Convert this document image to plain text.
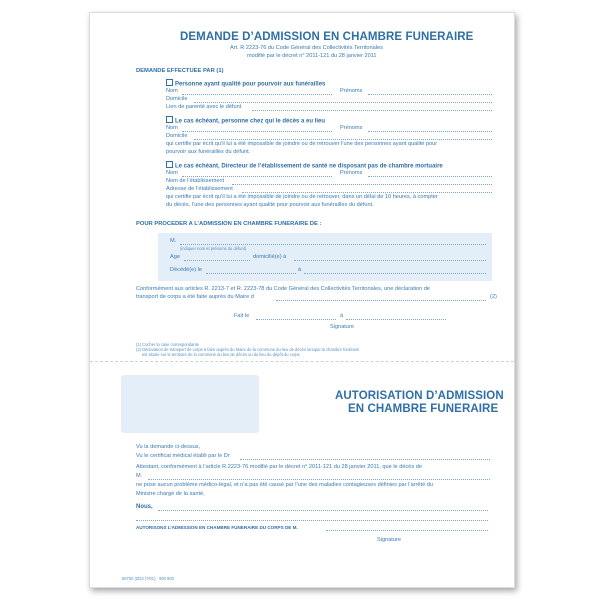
DEMANDE D’ADMISSION EN CHAMBRE FUNERAIRE
Art. R 2223-76 du Code Général des Collectivités Territoriales
modifié par le décret n° 2011-121 du 28 janvier 2011
DEMANDE EFFECTUEE PAR (1)
Personne ayant qualité pour pourvoir aux funérailles
Nom	Prénoms
Domicile
Lien de parenté avec le défunt
Le cas échéant, personne chez qui le décès a eu lieu
Nom	Prénoms
Domicile
qui certifie par écrit qu’il lui a été impossible de joindre ou de retrouver l’une des personnes ayant qualité pour
pourvoir aux funérailles du défunt.
Le cas échéant, Directeur de l’établissement de santé ne disposant pas de chambre mortuaire
Nom	Prénoms
Nom de l’établissement
Adresse de l’établissement
qui certifie par écrit qu’il lui a été impossible de joindre ou de retrouver, dans un délai de 10 heures, à compter
du décès, l’une des personnes ayant qualité pour pourvoir aux funérailles du défunt.
POUR PROCEDER A L’ADMISSION EN CHAMBRE FUNERAIRE DE :
M.
(indiquer nom et prénoms du défunt)
Age	domicilié(e) à
Décédé(e) le	à
Conformément aux articles R. 2213-7 et R. 2223-78 du Code Général des Collectivités Territoriales, une déclaration de
transport de corps a été faite auprès du Maire d	(2)
Fait le	à
Signature
(1) Cocher la case correspondante
(2) Déclaration de transport de corps à faire auprès du Maire de la commune du lieu de décès lorsque la chambre funéraire
est située sur le territoire de la commune du lieu de décès ou du lieu du dépôt du corps
AUTORISATION D’ADMISSION
EN CHAMBRE FUNERAIRE
Vu la demande ci-dessus,
Vu le certificat médical établi par le Dr
Attestant, conformément à l’article R.2223-76 modifié par le décret n° 2011-121 du 28 janvier 2011, que le décès de
M.
ne pose aucun problème médico-légal, et n’a pas été causé par l’une des maladies contagieuses définies par l’arrêté du
Ministre chargé de la santé,
Nous,
AUTORISONS L’ADMISSION EN CHAMBRE FUNERAIRE DU CORPS DE M.
Signature
80750 (ZD3 (7/01) · 900 900
